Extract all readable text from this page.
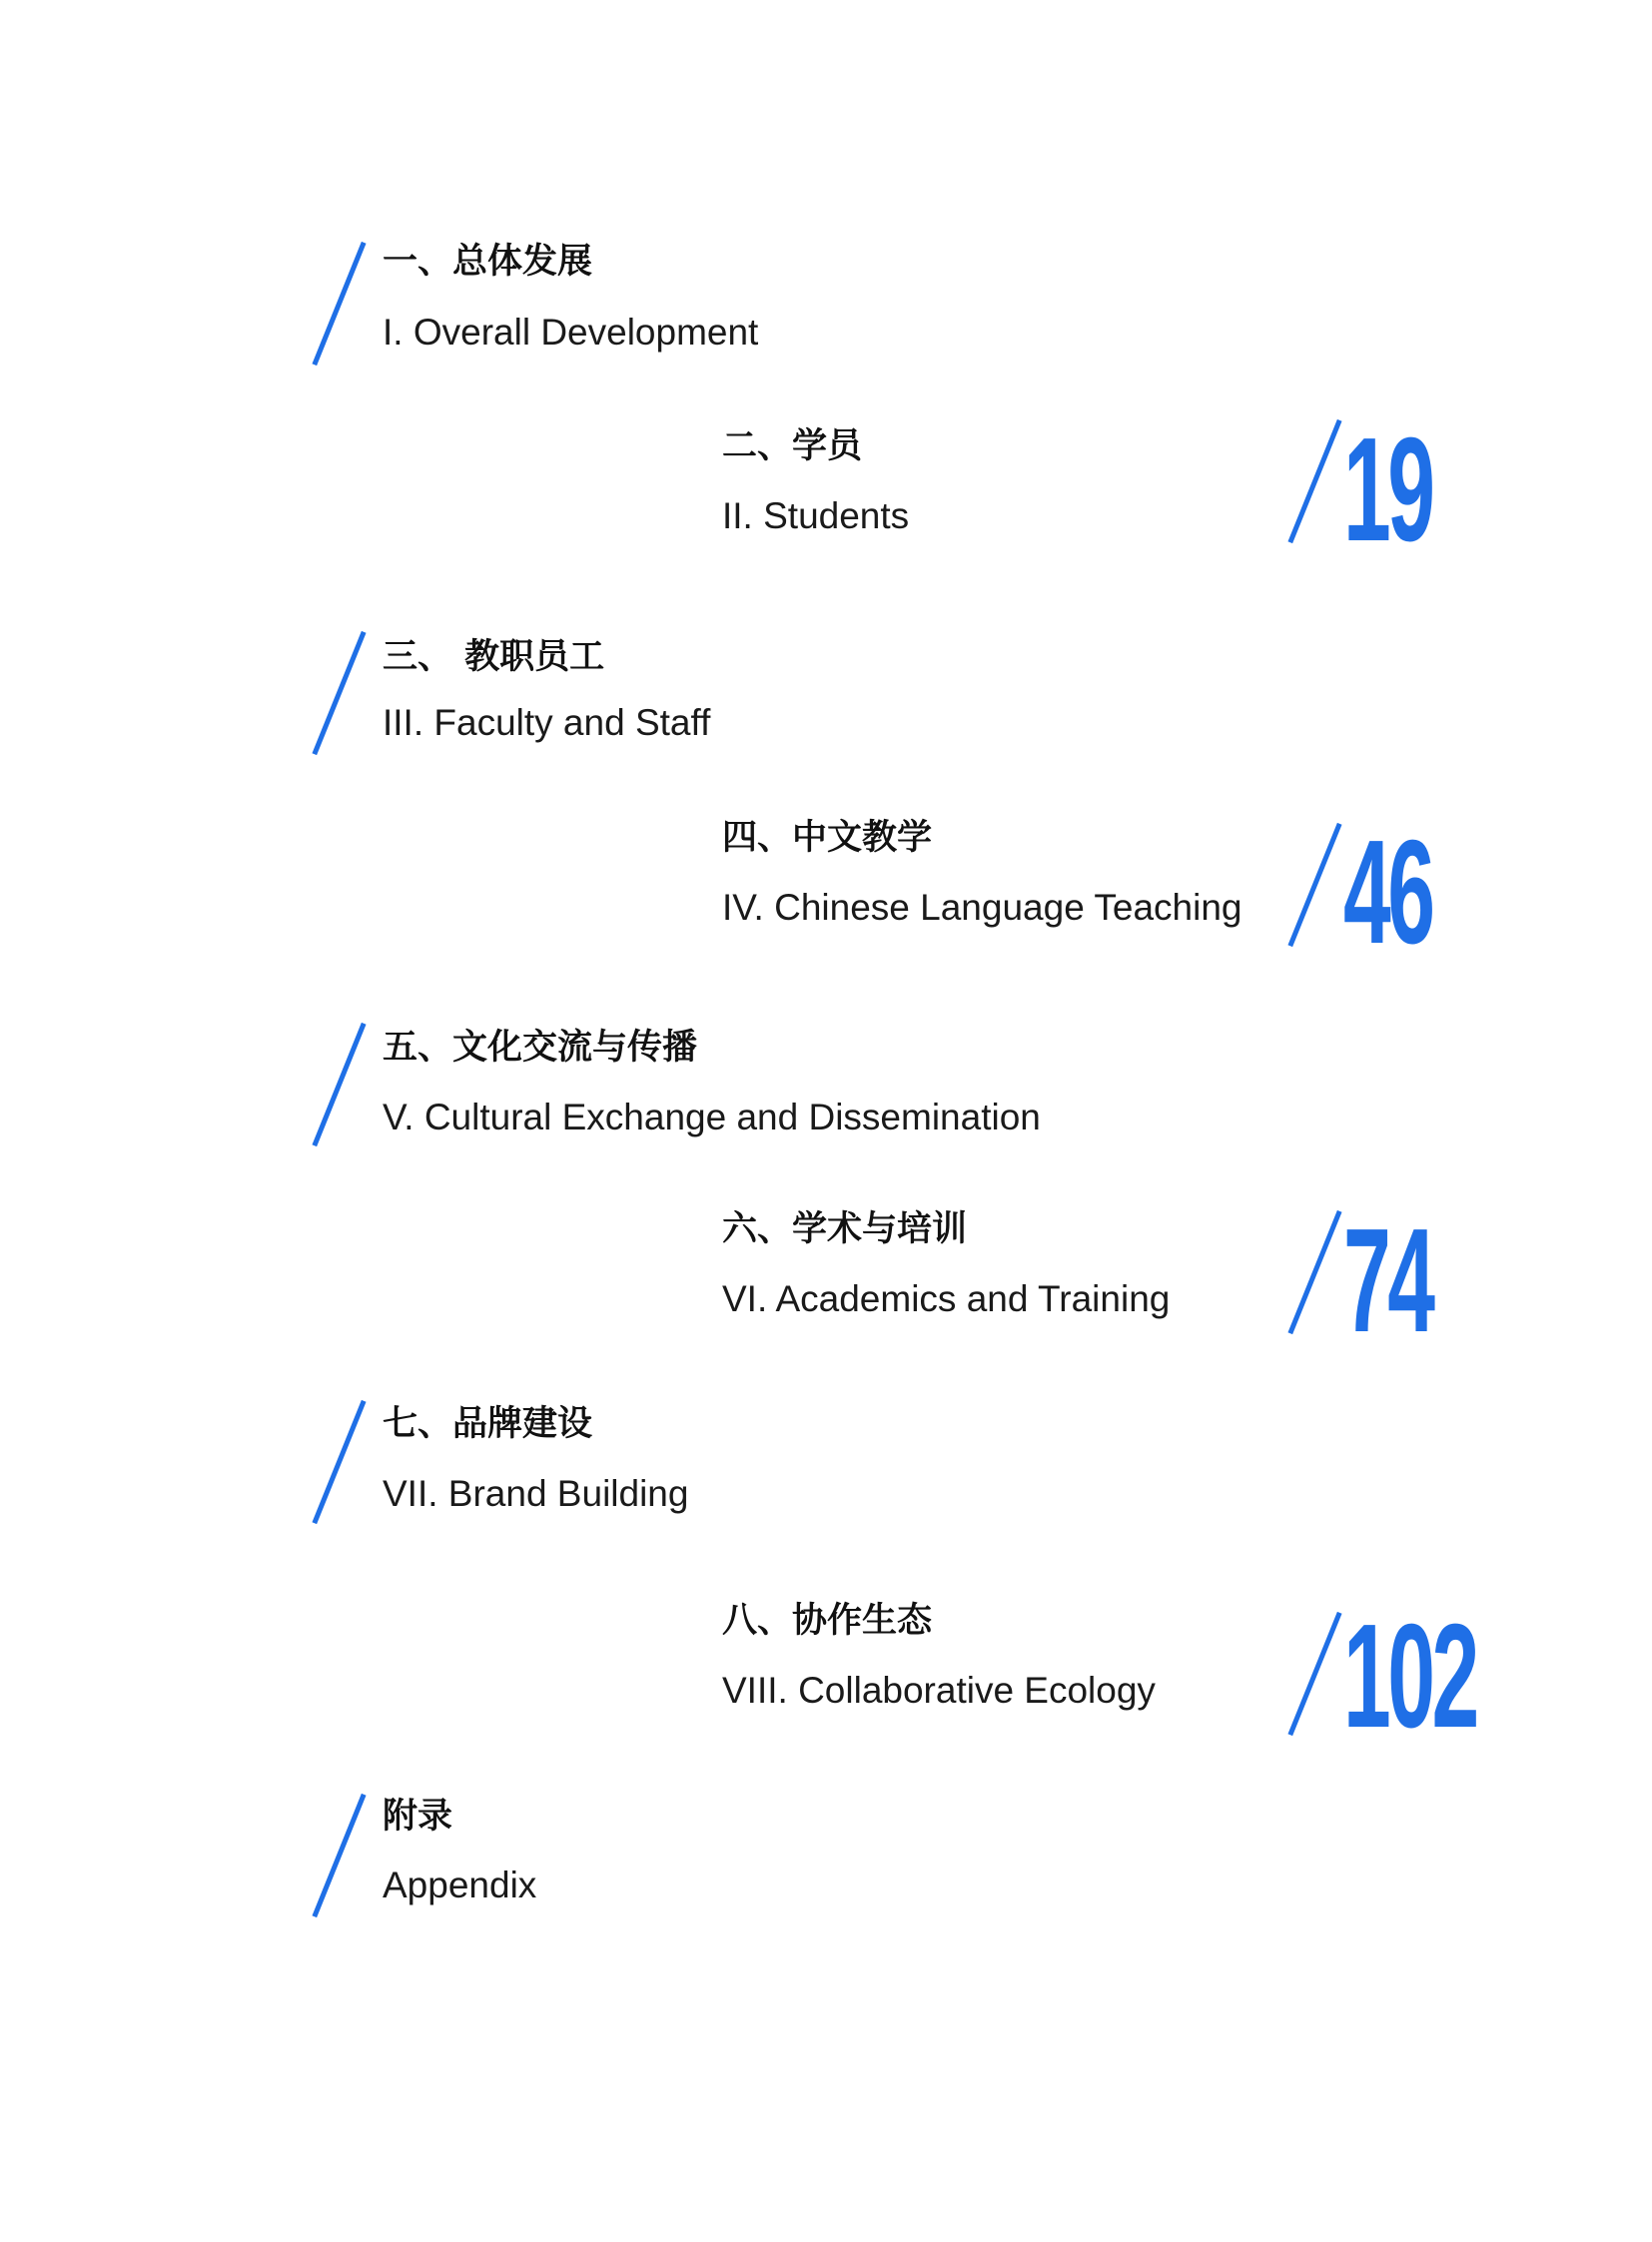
一、总体发展
I. Overall Development
二、学员
II. Students	19
三、 教职员工
III. Faculty and Staff
四、中文教学
IV. Chinese Language Teaching 46
五、文化交流与传播
V. Cultural Exchange and Dissemination
六、学术与培训
VI. Academics and Training 74
七、品牌建设
VII. Brand Building
八、协作生态
VIII. Collaborative Ecology 102
附录
Appendix
